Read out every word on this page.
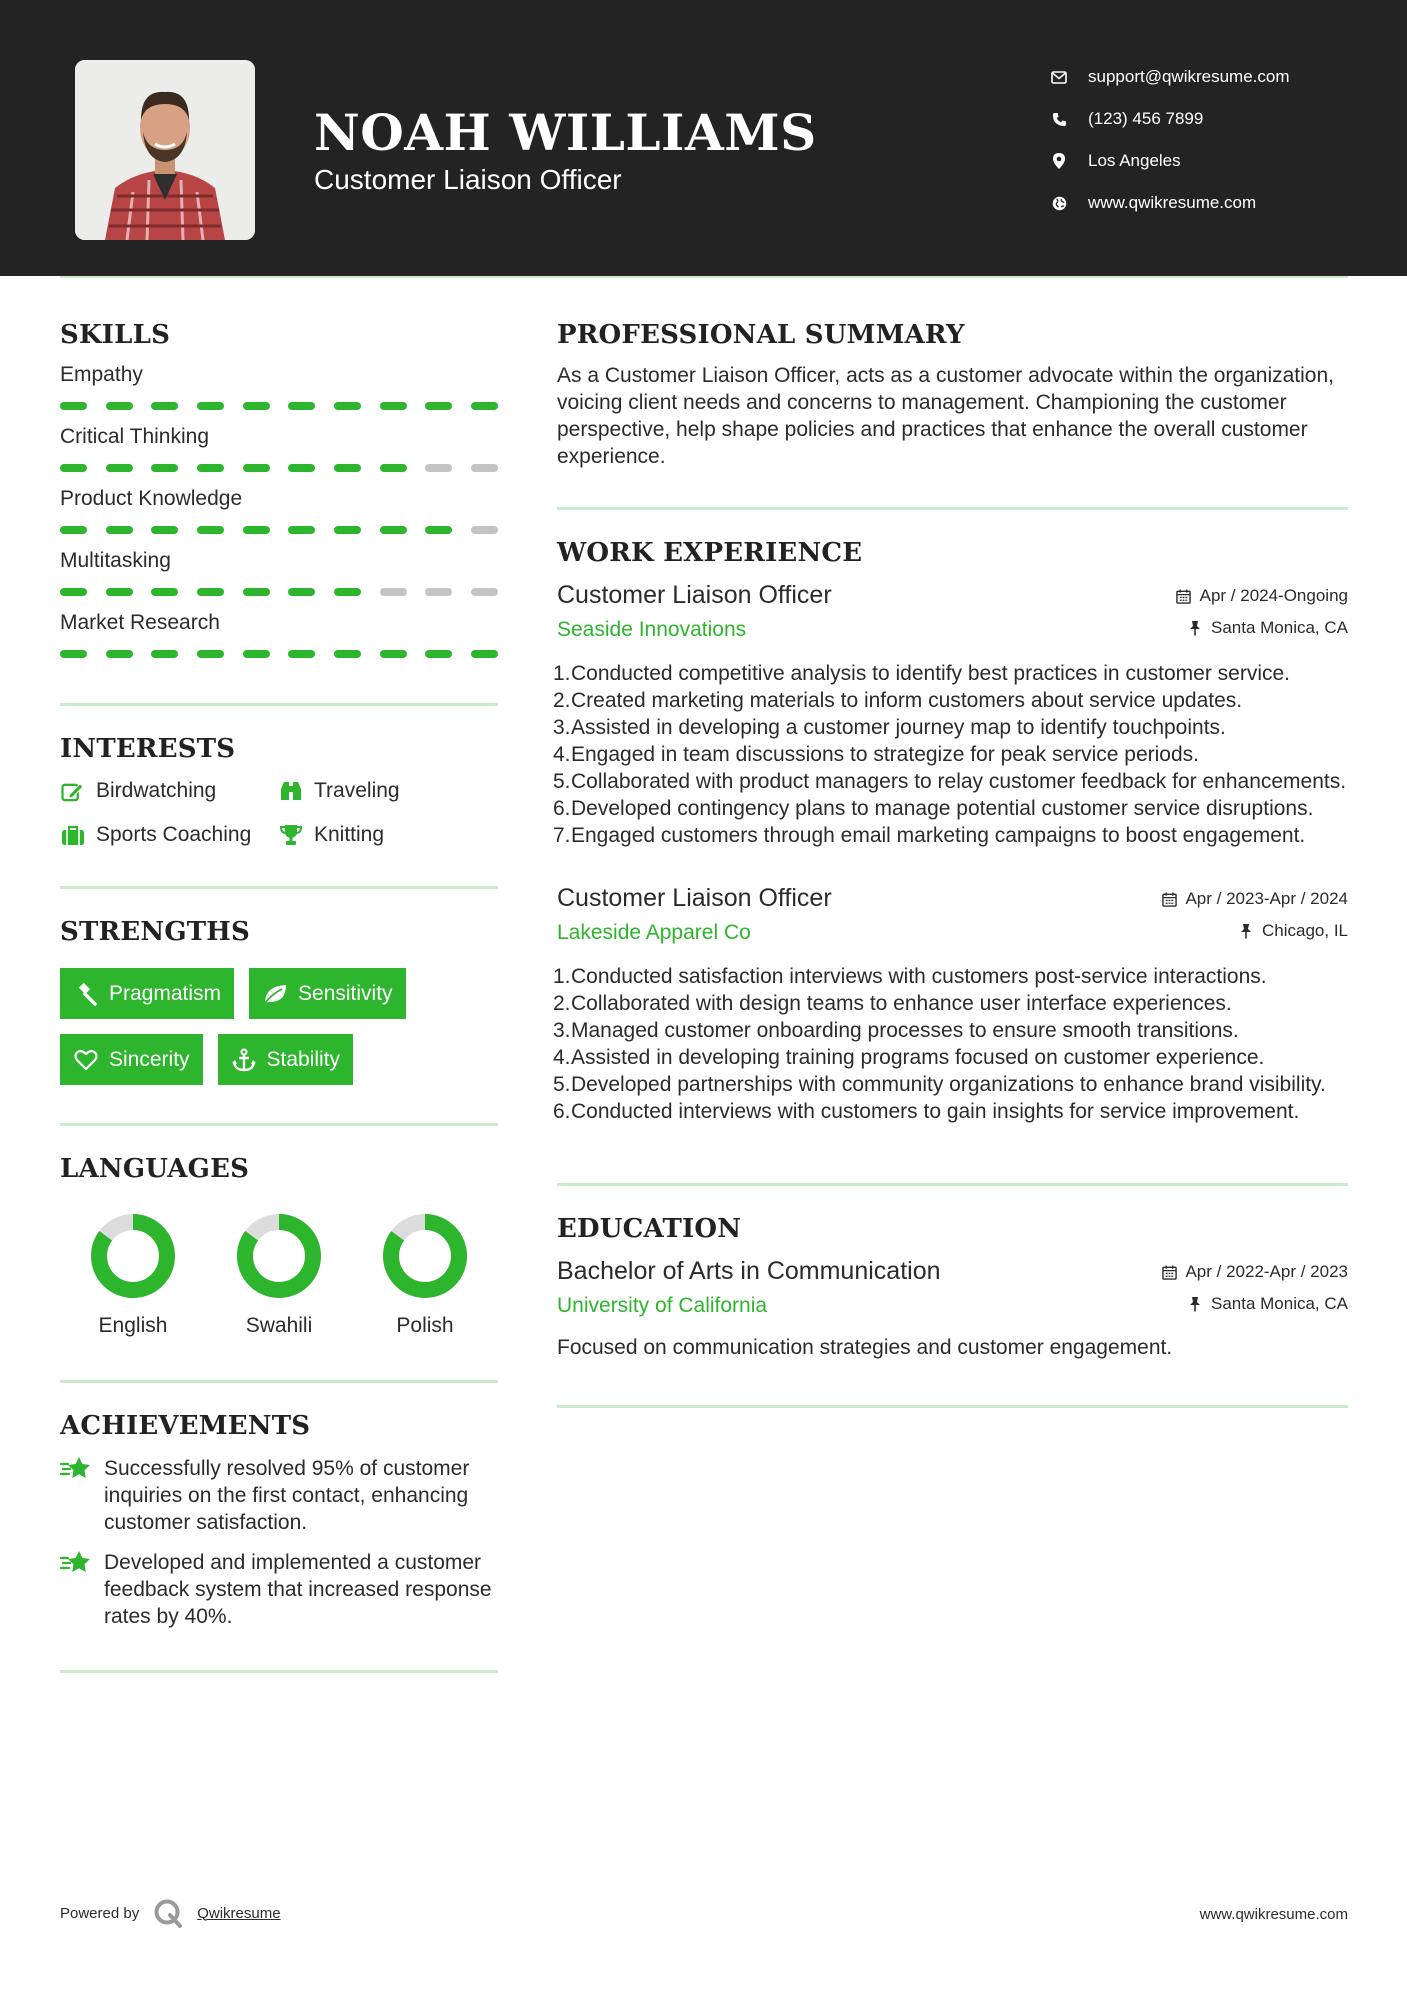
NOAH WILLIAMS
Customer Liaison Officer
support@qwikresume.com
(123) 456 7899
Los Angeles
www.qwikresume.com
SKILLS
Empathy
Critical Thinking
Product Knowledge
Multitasking
Market Research
INTERESTS
Birdwatching	Traveling
Sports Coaching	Knitting
STRENGTHS
Pragmatism	Sensitivity
Sincerity	Stability
LANGUAGES
English	Swahili	Polish
ACHIEVEMENTS
Successfully resolved 95% of customer inquiries on the first contact, enhancing customer satisfaction.
Developed and implemented a customer feedback system that increased response rates by 40%.
PROFESSIONAL SUMMARY
As a Customer Liaison Officer, acts as a customer advocate within the organization, voicing client needs and concerns to management. Championing the customer perspective, help shape policies and practices that enhance the overall customer experience.
WORK EXPERIENCE
Customer Liaison Officer
Seaside Innovations
Apr / 2024-Ongoing
Santa Monica, CA
1. Conducted competitive analysis to identify best practices in customer service.
2. Created marketing materials to inform customers about service updates.
3. Assisted in developing a customer journey map to identify touchpoints.
4. Engaged in team discussions to strategize for peak service periods.
5. Collaborated with product managers to relay customer feedback for enhancements.
6. Developed contingency plans to manage potential customer service disruptions.
7. Engaged customers through email marketing campaigns to boost engagement.
Customer Liaison Officer
Lakeside Apparel Co
Apr / 2023-Apr / 2024
Chicago, IL
1. Conducted satisfaction interviews with customers post-service interactions.
2. Collaborated with design teams to enhance user interface experiences.
3. Managed customer onboarding processes to ensure smooth transitions.
4. Assisted in developing training programs focused on customer experience.
5. Developed partnerships with community organizations to enhance brand visibility.
6. Conducted interviews with customers to gain insights for service improvement.
EDUCATION
Bachelor of Arts in Communication
University of California
Apr / 2022-Apr / 2023
Santa Monica, CA
Focused on communication strategies and customer engagement.
Powered by	Qwikresume	www.qwikresume.com
